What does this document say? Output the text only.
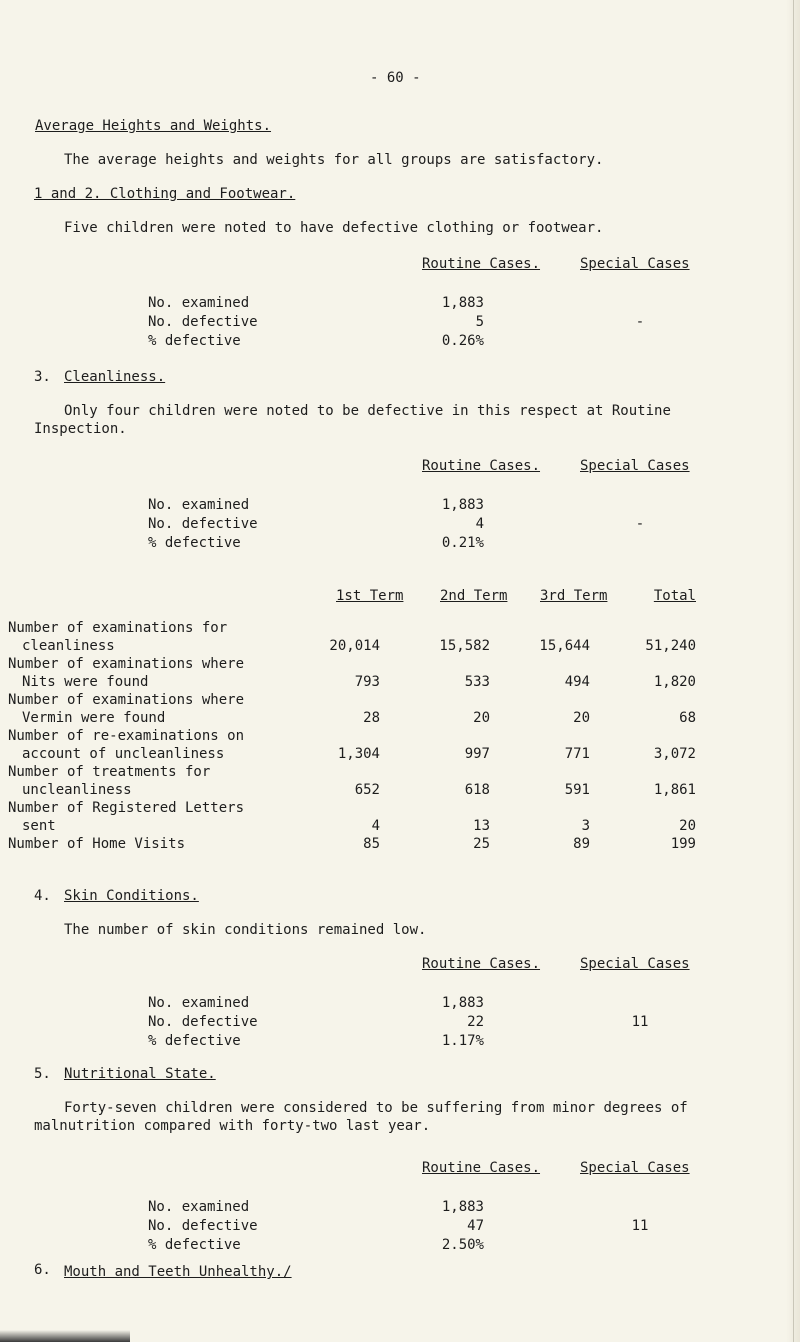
- 60 -
Average Heights and Weights.
The average heights and weights for all groups are satisfactory.
1 and 2. Clothing and Footwear.
Five children were noted to have defective clothing or footwear.
Routine Cases.	Special Cases
No. examined	1,883
No. defective	5	-
% defective	0.26%
3. Cleanliness.
Only four children were noted to be defective in this respect at Routine
Inspection.
Routine Cases.	Special Cases
No. examined	1,883
No. defective	4	-
% defective	0.21%
1st Term	2nd Term 3rd Term	Total
Number of examinations for
cleanliness	20,014	15,582	15,644	51,240
Number of examinations where
Nits were found	793	533	494	1,820
Number of examinations where
Vermin were found	28	20	20	68
Number of re-examinations on
account of uncleanliness	1,304	997	771	3,072
Number of treatments for
uncleanliness	652	618	591	1,861
Number of Registered Letters
sent	4	13	3	20
Number of Home Visits	85	25	89	199
4. Skin Conditions.
The number of skin conditions remained low.
Routine Cases.	Special Cases
No. examined	1,883
No. defective	22	11
% defective	1.17%
5. Nutritional State.
Forty-seven children were considered to be suffering from minor degrees of
malnutrition compared with forty-two last year.
Routine Cases.	Special Cases
No. examined	1,883
No. defective	47	11
% defective	2.50%
6. Mouth and Teeth Unhealthy./
